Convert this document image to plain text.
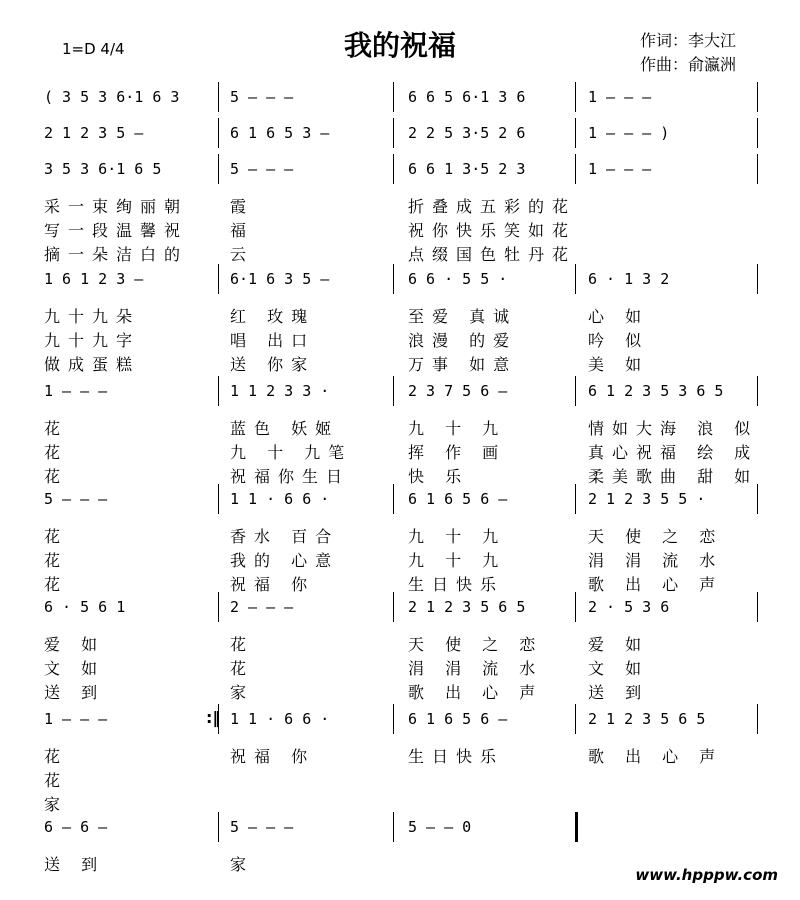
1=D 4/4	我的祝福	作词：李大江
作曲：俞瀛洲
( 3 5 3 6·1 6 3	5 — — —	6 6 5 6·1 3 6	1 — — —
2 1 2 3 5 —	6 1 6 5 3 —	2 2 5 3·5 2 6	1 — — — )
3 5 3 6·1 6 5	5 — — —	6 6 1 3·5 2 3	1 — — —
采一束绚丽朝	霞	折叠成五彩的花
写一段温馨祝	福	祝你快乐笑如花
摘一朵洁白的	云	点缀国色牡丹花
1 6 1 2 3 —	6·1 6 3 5 —	6 6 · 5 5 ·	6 · 1 3 2
九十九朵	红 玫瑰	至爱 真诚	心 如
九十九字	唱 出口	浪漫 的爱	吟 似
做成蛋糕	送 你家	万事 如意	美 如
1 — — —	1 1 2 3 3 ·	2 3 7 5 6 —	6 1 2 3 5 3 6 5
花	蓝色 妖姬	九 十 九	情如大海 浪 似
花	九 十 九笔	挥 作 画	真心祝福 绘 成
花	祝福你生日	快 乐	柔美歌曲 甜 如
5 — — —	1 1 · 6 6 ·	6 1 6 5 6 —	2 1 2 3 5 5 ·
花	香水 百合	九 十 九	天 使 之 恋
花	我的 心意	九 十 九	涓 涓 流 水
花	祝福 你	生日快乐	歌 出 心 声
6 · 5 6 1	2 — — —	2 1 2 3 5 6 5	2 · 5 3 6
爱 如	花	天 使 之 恋	爱 如
文 如	花	涓 涓 流 水	文 如
送 到	家	歌 出 心 声	送 到
1 — — —	1 1 · 6 6 ·	6 1 6 5 6 —	2 1 2 3 5 6 5
:‖
花	祝福 你	生日快乐	歌 出 心 声
花
家
6 — 6 —	5 — — —	5 — — 0
送 到	家
www.hpppw.com
